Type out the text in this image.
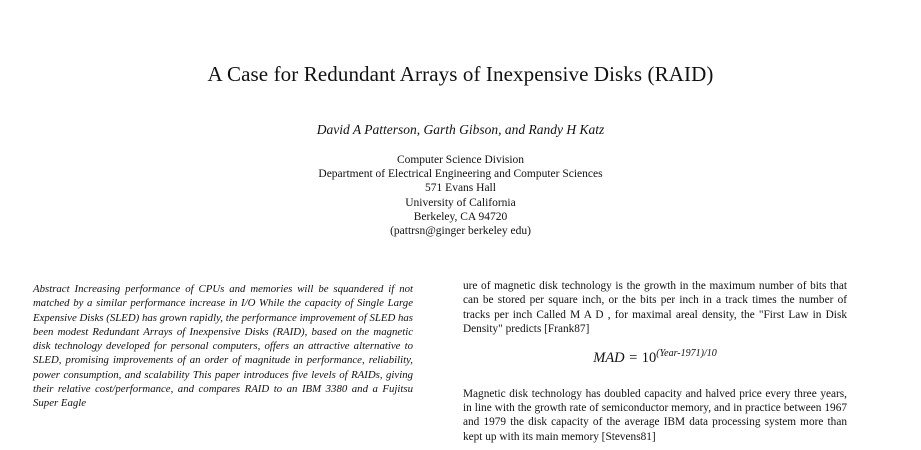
A Case for Redundant Arrays of Inexpensive Disks (RAID)
David A Patterson, Garth Gibson, and Randy H Katz
Computer Science Division
Department of Electrical Engineering and Computer Sciences
571 Evans Hall
University of California
Berkeley, CA 94720
(pattrsn@ginger berkeley edu)
Abstract Increasing performance of CPUs and memories will be squandered if not matched by a similar performance increase in I/O While the capacity of Single Large Expensive Disks (SLED) has grown rapidly, the performance improvement of SLED has been modest Redundant Arrays of Inexpensive Disks (RAID), based on the magnetic disk technology developed for personal computers, offers an attractive alternative to SLED, promising improvements of an order of magnitude in performance, reliability, power consumption, and scalability This paper introduces five levels of RAIDs, giving their relative cost/performance, and compares RAID to an IBM 3380 and a Fujitsu Super Eagle

ure of magnetic disk technology is the growth in the maximum number of bits that can be stored per square inch, or the bits per inch in a track times the number of tracks per inch Called M A D , for maximal areal density, the "First Law in Disk Density" predicts [Frank87]

MAD = $10^{(Year-1971)/10}$

Magnetic disk technology has doubled capacity and halved price every three years, in line with the growth rate of semiconductor memory, and in practice between 1967 and 1979 the disk capacity of the average IBM data processing system more than kept up with its main memory [Stevens81]
